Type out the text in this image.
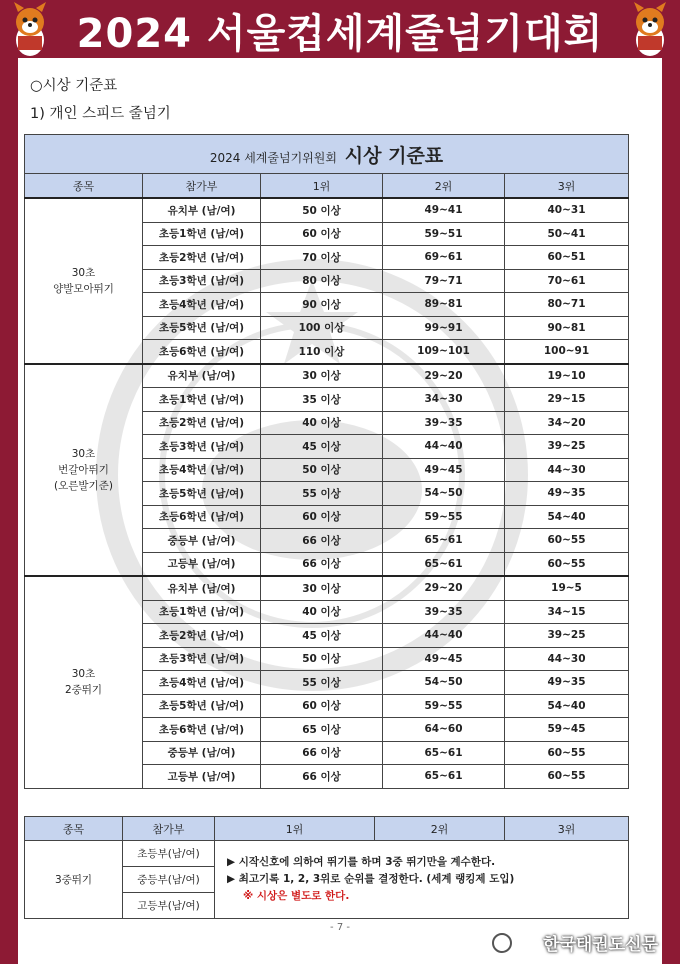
2024 서울컵세계줄넘기대회
○시상 기준표
1) 개인 스피드 줄넘기
2024 세계줄넘기위원회 시상 기준표				
종목	참가부	1위	2위	3위

30초
양발모아뛰기	유치부 (남/여)	50 이상	49~41	40~31
	초등1학년 (남/여)	60 이상	59~51	50~41
	초등2학년 (남/여)	70 이상	69~61	60~51
	초등3학년 (남/여)	80 이상	79~71	70~61
	초등4학년 (남/여)	90 이상	89~81	80~71
	초등5학년 (남/여)	100 이상	99~91	90~81
	초등6학년 (남/여)	110 이상	109~101	100~91

30초
번갈아뛰기
(오른발기준)	유치부 (남/여)	30 이상	29~20	19~10
	초등1학년 (남/여)	35 이상	34~30	29~15
	초등2학년 (남/여)	40 이상	39~35	34~20
	초등3학년 (남/여)	45 이상	44~40	39~25
	초등4학년 (남/여)	50 이상	49~45	44~30
	초등5학년 (남/여)	55 이상	54~50	49~35
	초등6학년 (남/여)	60 이상	59~55	54~40
	중등부 (남/여)	66 이상	65~61	60~55
	고등부 (남/여)	66 이상	65~61	60~55

30초
2중뛰기	유치부 (남/여)	30 이상	29~20	19~5
	초등1학년 (남/여)	40 이상	39~35	34~15
	초등2학년 (남/여)	45 이상	44~40	39~25
	초등3학년 (남/여)	50 이상	49~45	44~30
	초등4학년 (남/여)	55 이상	54~50	49~35
	초등5학년 (남/여)	60 이상	59~55	54~40
	초등6학년 (남/여)	65 이상	64~60	59~45
	중등부 (남/여)	66 이상	65~61	60~55
	고등부 (남/여)	66 이상	65~61	60~55
종목	참가부	1위	2위	3위
3중뛰기	초등부(남/여)	▶ 시작신호에 의하여 뛰기를 하며 3중 뛰기만을 계수한다.
▶ 최고기록 1, 2, 3위로 순위를 결정한다. (세계 랭킹제 도입)
※ 시상은 별도로 한다.		

	중등부(남/여)			
	고등부(남/여)			
- 7 -
한국태권도신문
